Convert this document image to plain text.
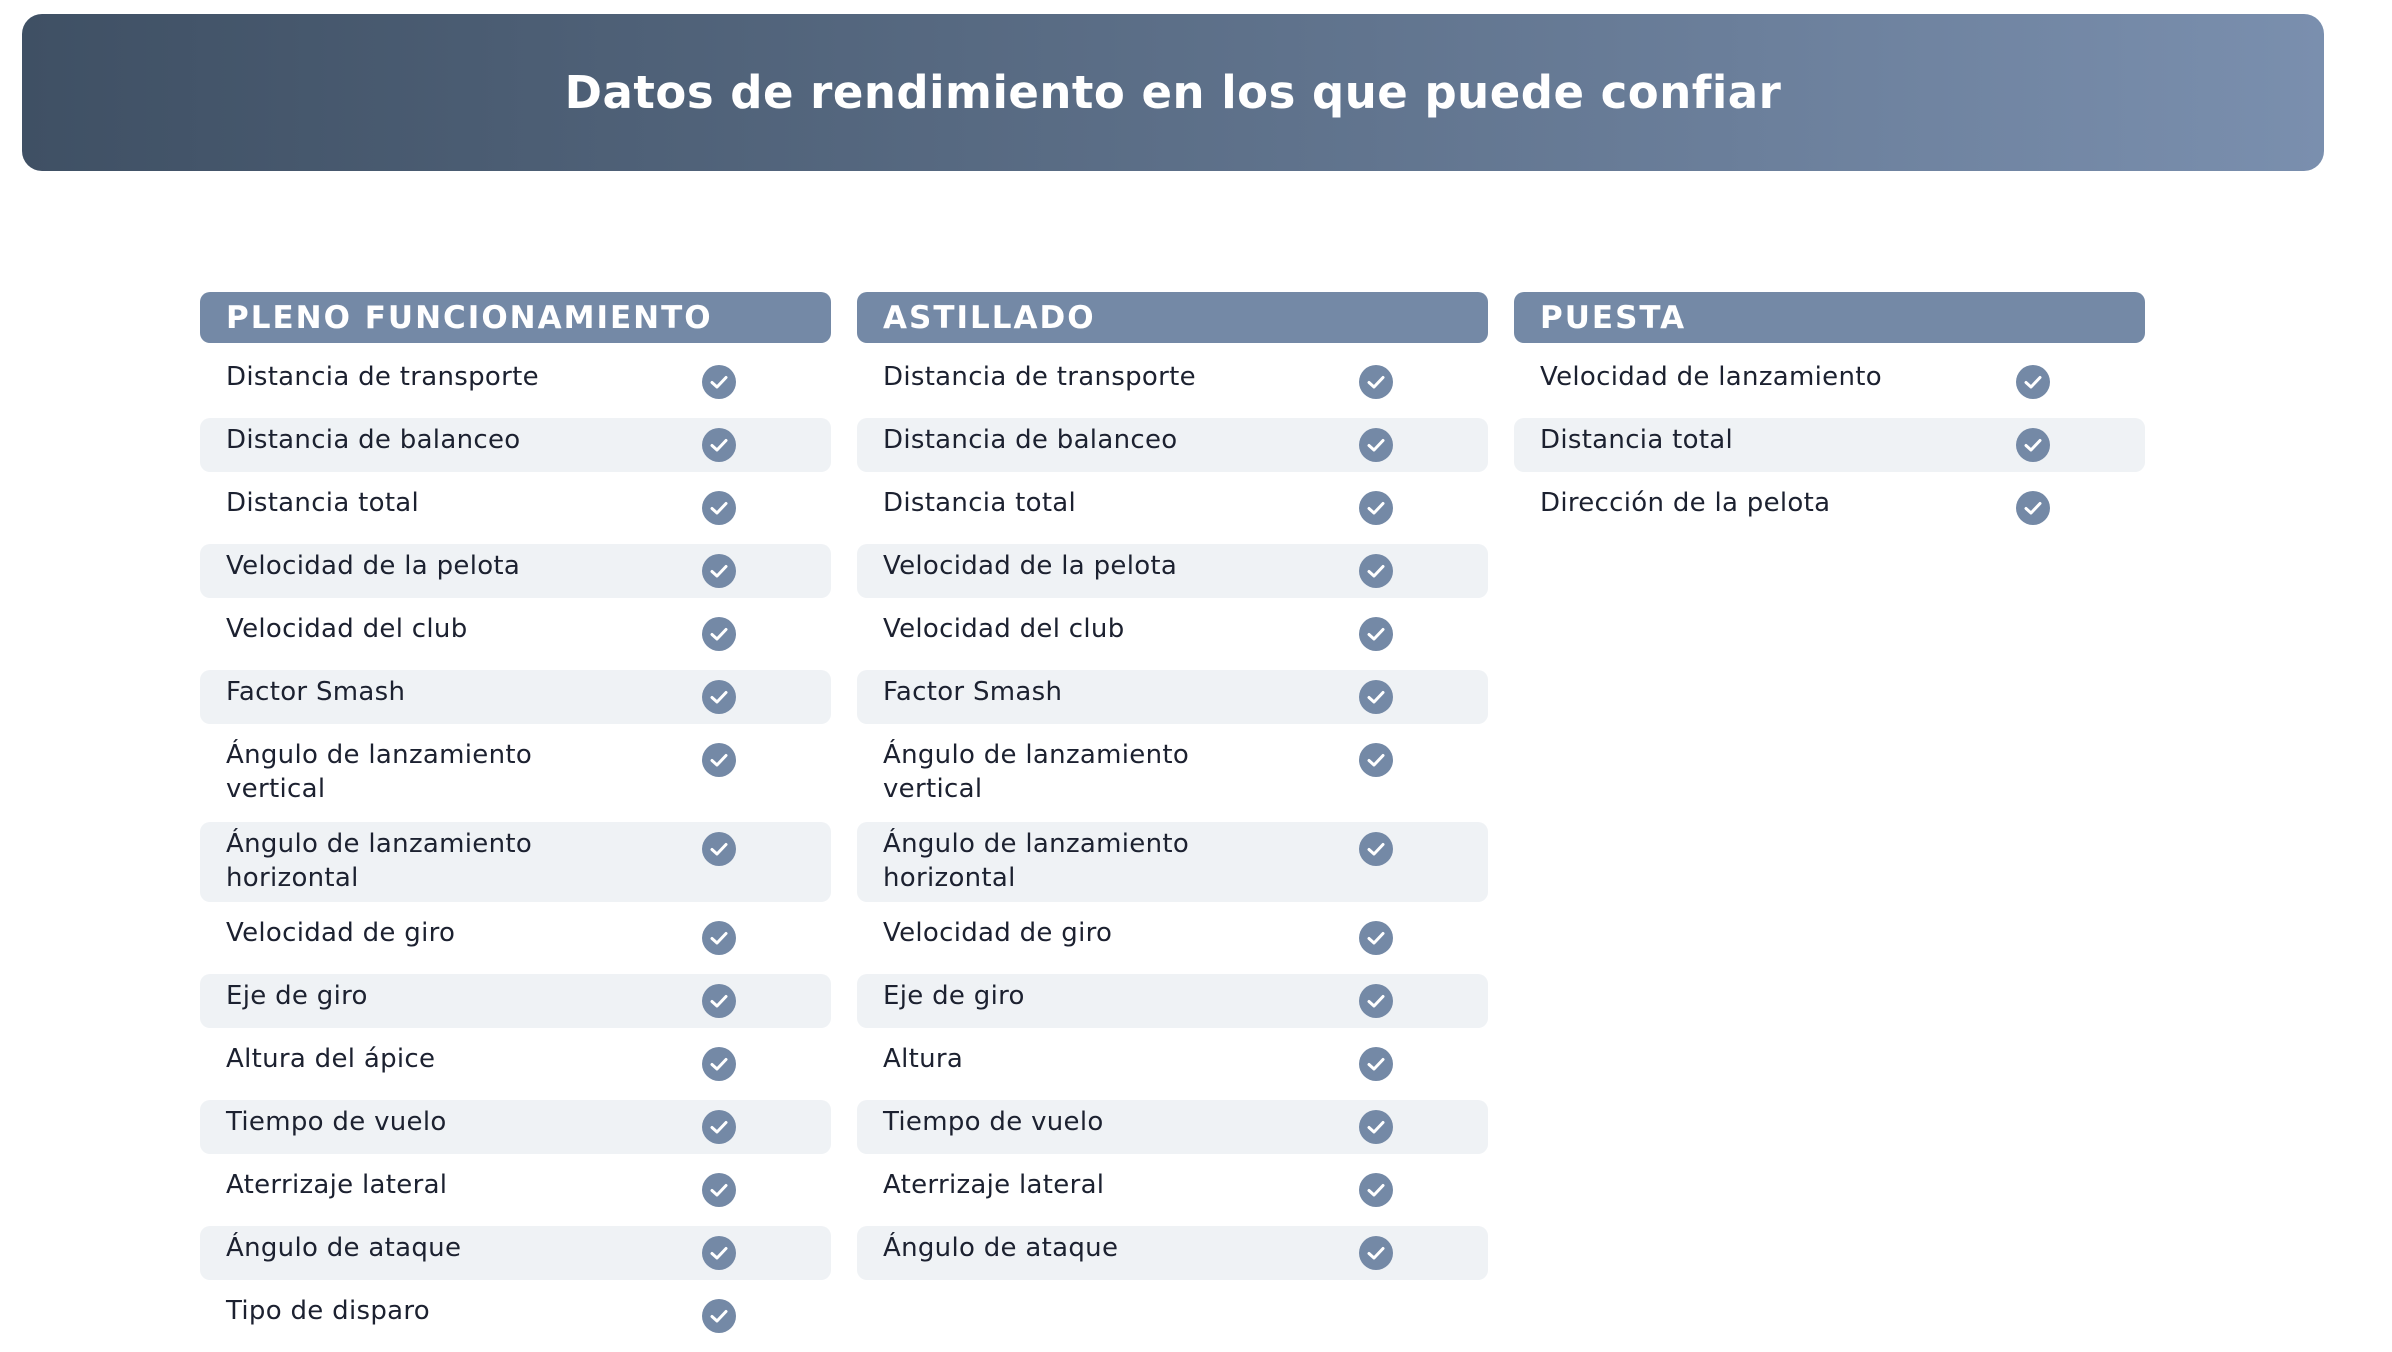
Datos de rendimiento en los que puede confiar
PLENO FUNCIONAMIENTO
Distancia de transporte
Distancia de balanceo
Distancia total
Velocidad de la pelota
Velocidad del club
Factor Smash
Ángulo de lanzamiento vertical
Ángulo de lanzamiento horizontal
Velocidad de giro
Eje de giro
Altura del ápice
Tiempo de vuelo
Aterrizaje lateral
Ángulo de ataque
Tipo de disparo
ASTILLADO
Distancia de transporte
Distancia de balanceo
Distancia total
Velocidad de la pelota
Velocidad del club
Factor Smash
Ángulo de lanzamiento vertical
Ángulo de lanzamiento horizontal
Velocidad de giro
Eje de giro
Altura
Tiempo de vuelo
Aterrizaje lateral
Ángulo de ataque
PUESTA
Velocidad de lanzamiento
Distancia total
Dirección de la pelota
